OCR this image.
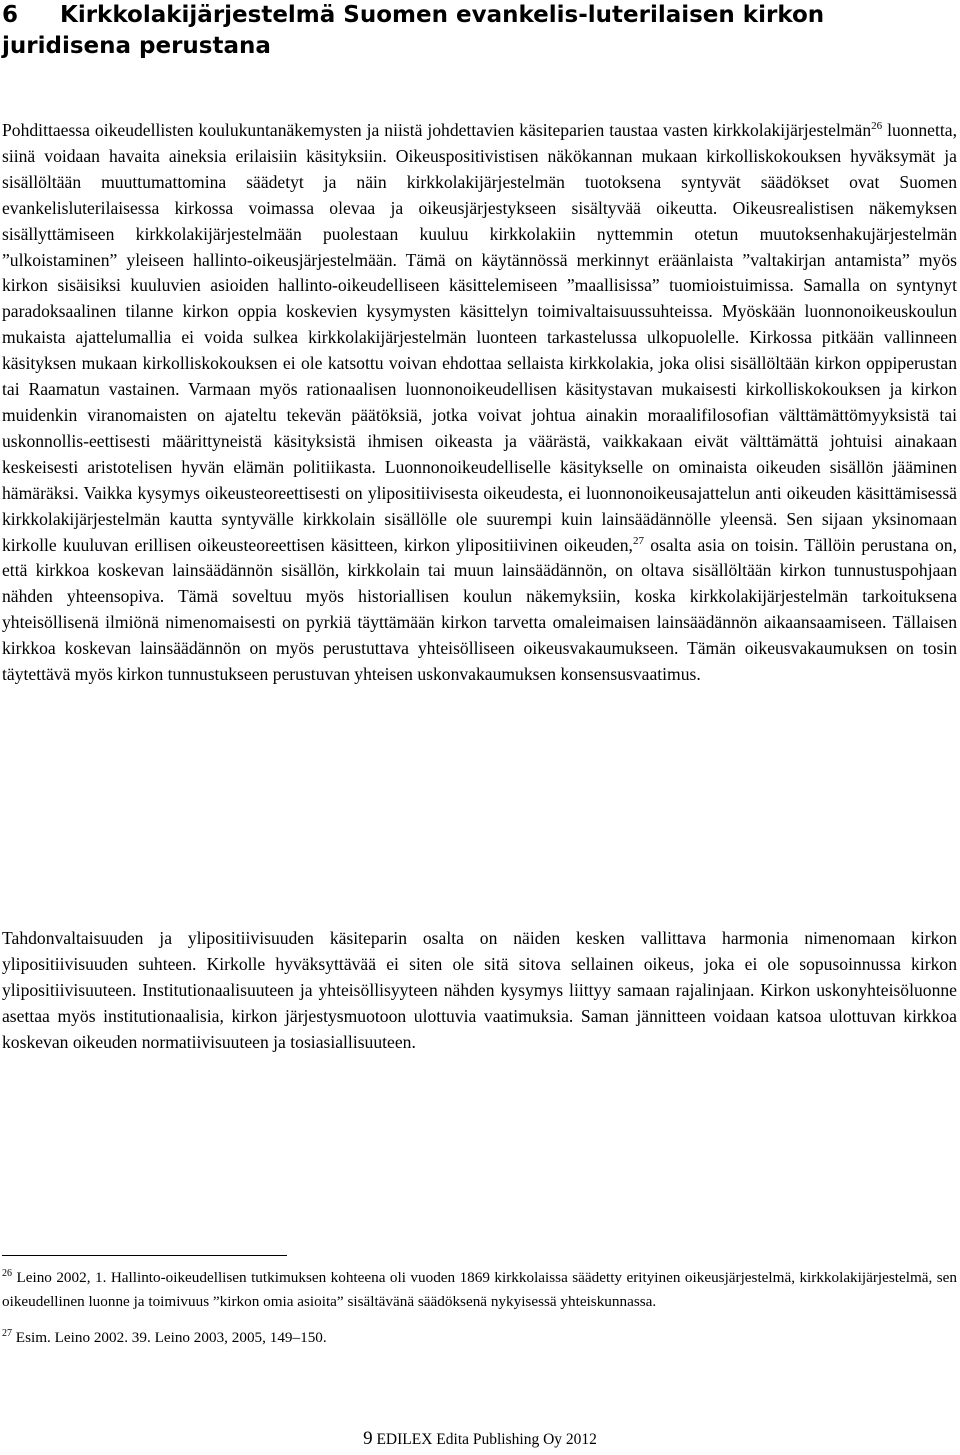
6 Kirkkolakijärjestelmä Suomen evankelis-luterilaisen kirkon juridisena perustana

Pohdittaessa oikeudellisten koulukuntanäkemysten ja niistä johdettavien käsiteparien taustaa vasten kirkkolakijärjestelmän$^{26}$ luonnetta, siinä voidaan havaita aineksia erilaisiin käsityksiin. Oikeuspositivistisen näkökannan mukaan kirkolliskokouksen hyväksymät ja sisällöltään muuttumattomina säädetyt ja näin kirkkolakijärjestelmän tuotoksena syntyvät säädökset ovat Suomen evankelisluterilaisessa kirkossa voimassa olevaa ja oikeusjärjestykseen sisältyvää oikeutta. Oikeusrealistisen näkemyksen sisällyttämiseen kirkkolakijärjestelmään puolestaan kuuluu kirkkolakiin nyttemmin otetun muutoksenhakujärjestelmän ”ulkoistaminen” yleiseen hallinto-oikeusjärjestelmään. Tämä on käytännössä merkinnyt eräänlaista ”valtakirjan antamista” myös kirkon sisäisiksi kuuluvien asioiden hallinto-oikeudelliseen käsittelemiseen ”maallisissa” tuomioistuimissa. Samalla on syntynyt paradoksaalinen tilanne kirkon oppia koskevien kysymysten käsittelyn toimivaltaisuussuhteissa. Myöskään luonnonoikeuskoulun mukaista ajattelumallia ei voida sulkea kirkkolakijärjestelmän luonteen tarkastelussa ulkopuolelle. Kirkossa pitkään vallinneen käsityksen mukaan kirkolliskokouksen ei ole katsottu voivan ehdottaa sellaista kirkkolakia, joka olisi sisällöltään kirkon oppiperustan tai Raamatun vastainen. Varmaan myös rationaalisen luonnonoikeudellisen käsitystavan mukaisesti kirkolliskokouksen ja kirkon muidenkin viranomaisten on ajateltu tekevän päätöksiä, jotka voivat johtua ainakin moraalifilosofian välttämättömyyksistä tai uskonnollis-eettisesti määrittyneistä käsityksistä ihmisen oikeasta ja väärästä, vaikkakaan eivät välttämättä johtuisi ainakaan keskeisesti aristotelisen hyvän elämän politiikasta. Luonnonoikeudelliselle käsitykselle on ominaista oikeuden sisällön jääminen hämäräksi. Vaikka kysymys oikeusteoreettisesti on ylipositiivisesta oikeudesta, ei luonnonoikeusajattelun anti oikeuden käsittämisessä kirkkolakijärjestelmän kautta syntyvälle kirkkolain sisällölle ole suurempi kuin lainsäädännölle yleensä. Sen sijaan yksinomaan kirkolle kuuluvan erillisen oikeusteoreettisen käsitteen, kirkon ylipositiivinen oikeuden,$^{27}$ osalta asia on toisin. Tällöin perustana on, että kirkkoa koskevan lainsäädännön sisällön, kirkkolain tai muun lainsäädännön, on oltava sisällöltään kirkon tunnustuspohjaan nähden yhteensopiva. Tämä soveltuu myös historiallisen koulun näkemyksiin, koska kirkkolakijärjestelmän tarkoituksena yhteisöllisenä ilmiönä nimenomaisesti on pyrkiä täyttämään kirkon tarvetta omaleimaisen lainsäädännön aikaansaamiseen. Tällaisen kirkkoa koskevan lainsäädännön on myös perustuttava yhteisölliseen oikeusvakaumukseen. Tämän oikeusvakaumuksen on tosin täytettävä myös kirkon tunnustukseen perustuvan yhteisen uskonvakaumuksen konsensusvaatimus.

Tahdonvaltaisuuden ja ylipositiivisuuden käsiteparin osalta on näiden kesken vallittava harmonia nimenomaan kirkon ylipositiivisuuden suhteen. Kirkolle hyväksyttävää ei siten ole sitä sitova sellainen oikeus, joka ei ole sopusoinnussa kirkon ylipositiivisuuteen. Institutionaalisuuteen ja yhteisöllisyyteen nähden kysymys liittyy samaan rajalinjaan. Kirkon uskonyhteisöluonne asettaa myös institutionaalisia, kirkon järjestysmuotoon ulottuvia vaatimuksia. Saman jännitteen voidaan katsoa ulottuvan kirkkoa koskevan oikeuden normatiivisuuteen ja tosiasiallisuuteen.

$^{26}$ Leino 2002, 1. Hallinto-oikeudellisen tutkimuksen kohteena oli vuoden 1869 kirkkolaissa säädetty erityinen oikeusjärjestelmä, kirkkolakijärjestelmä, sen oikeudellinen luonne ja toimivuus ”kirkon omia asioita” sisältävänä säädöksenä nykyisessä yhteiskunnassa.

$^{27}$ Esim. Leino 2002. 39. Leino 2003, 2005, 149–150.

9 EDILEX Edita Publishing Oy 2012
